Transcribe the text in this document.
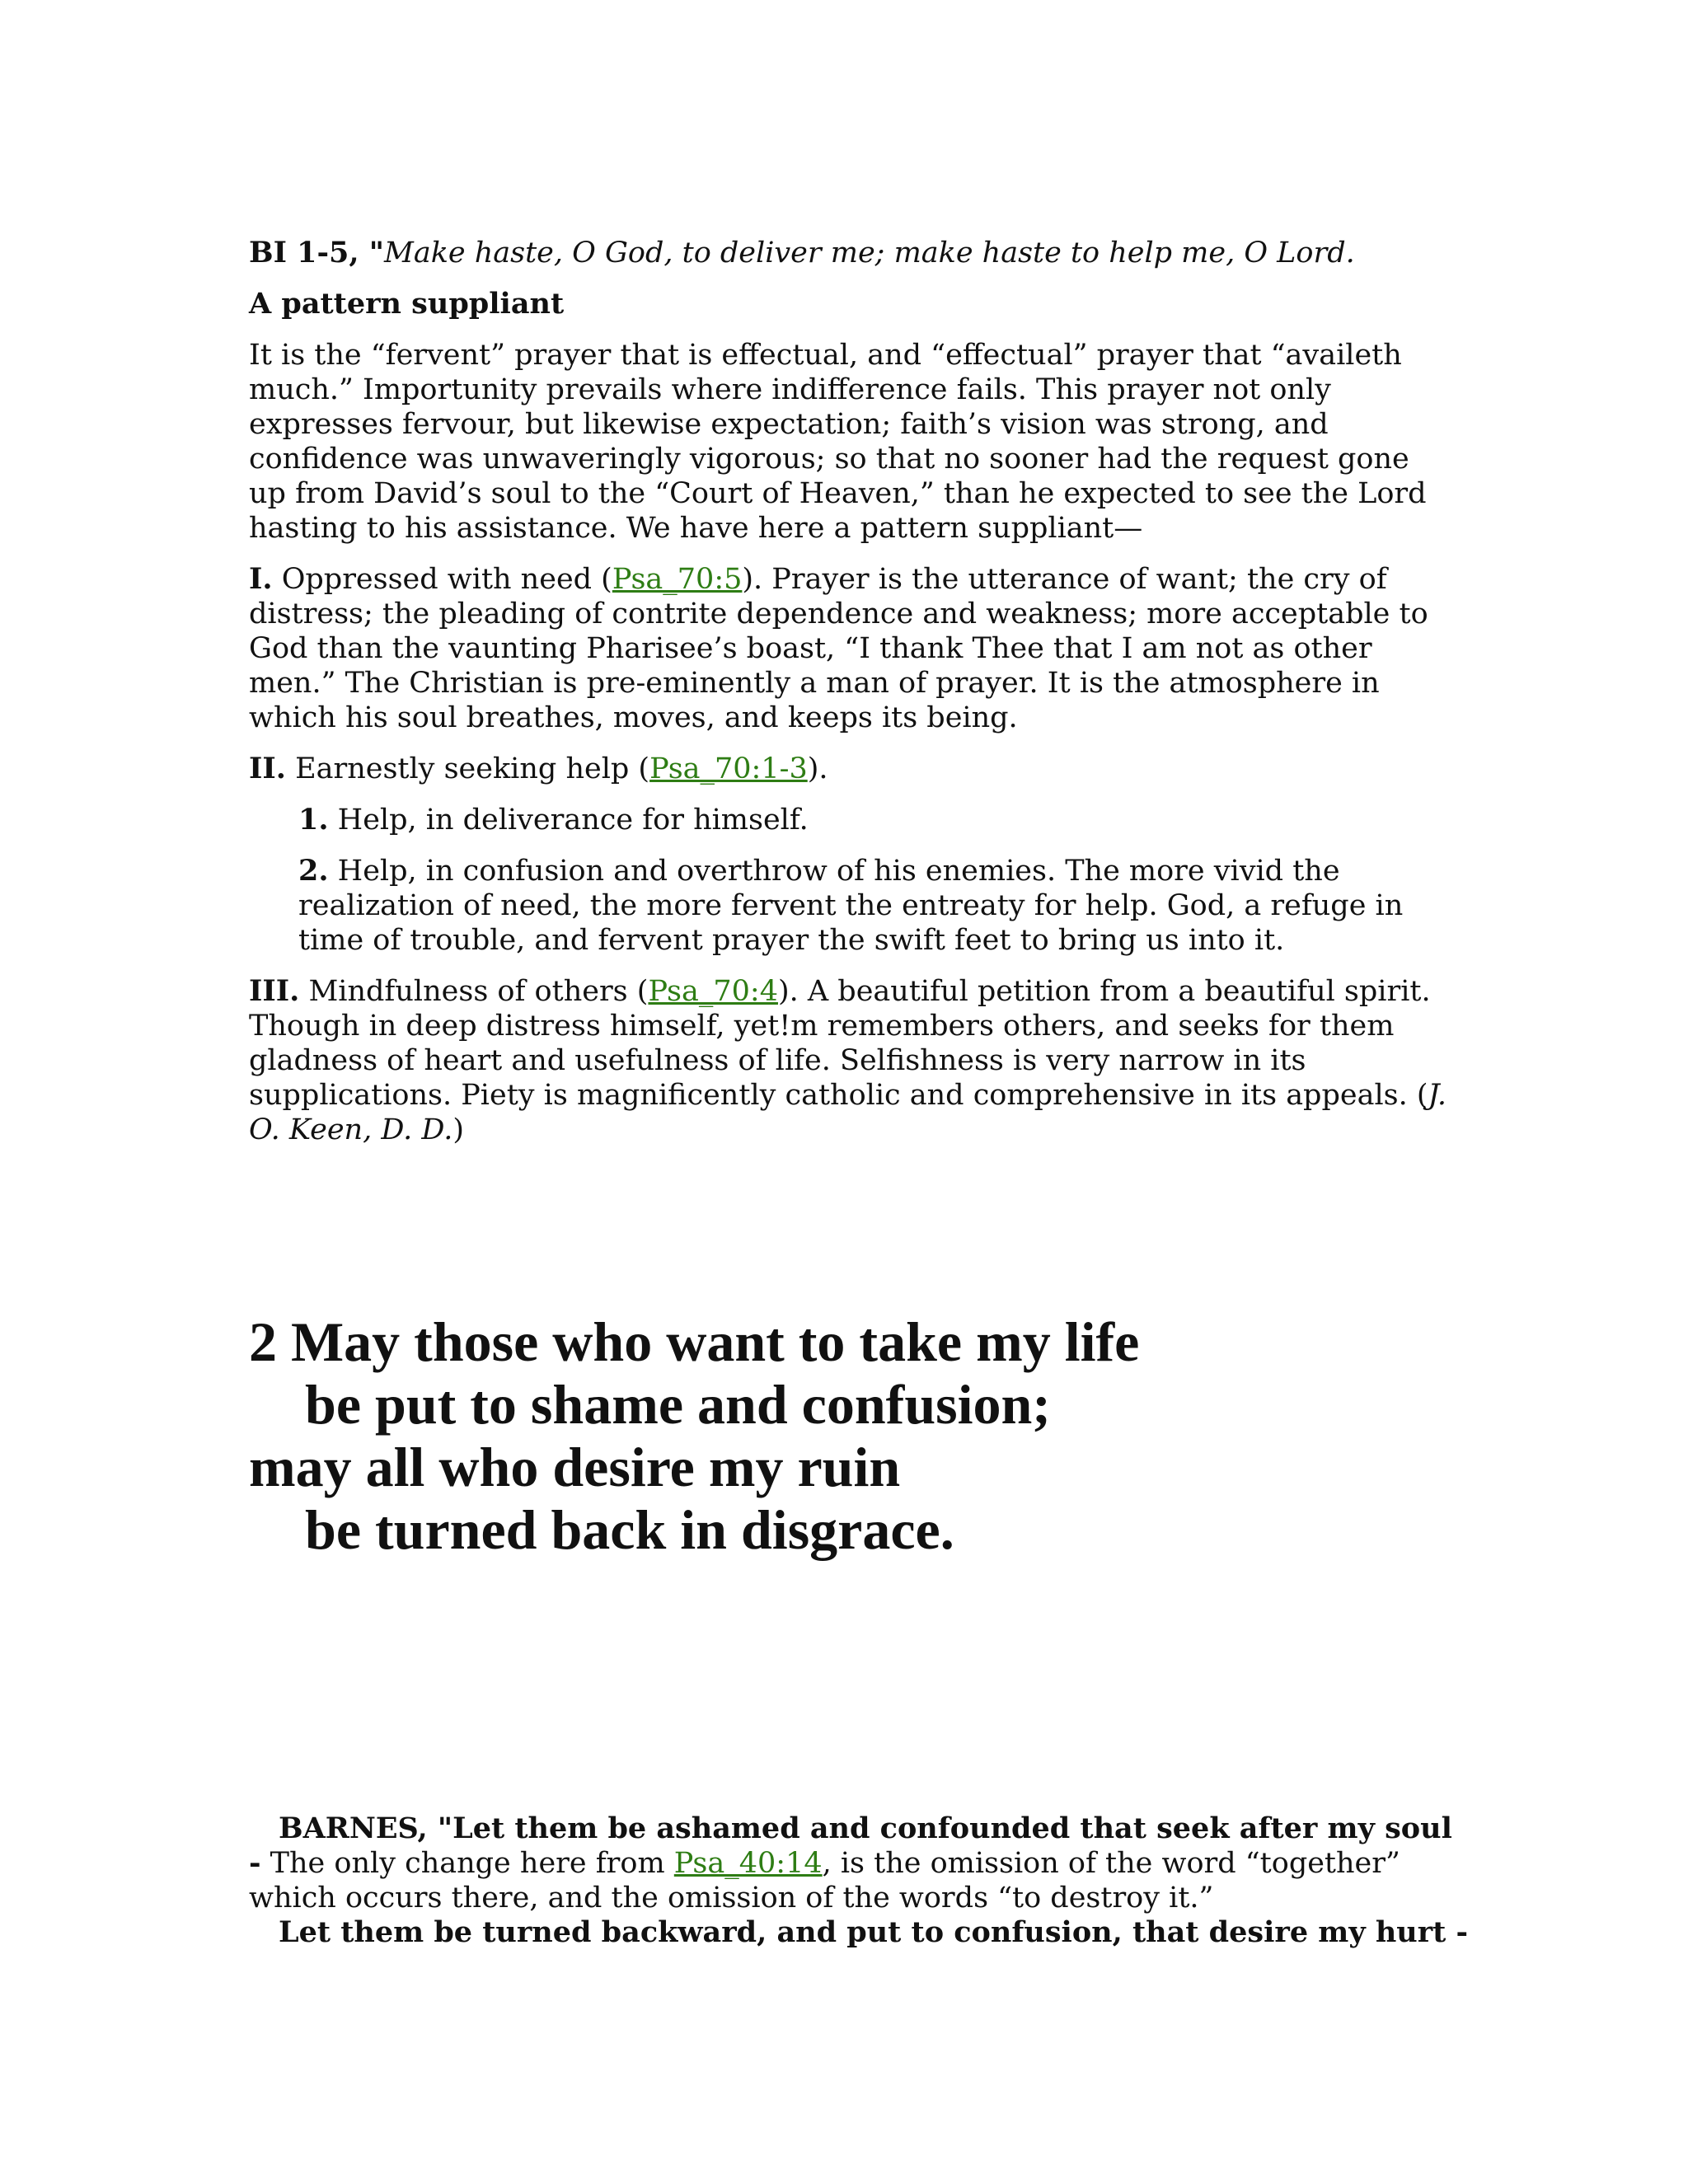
BI 1-5, "Make haste, O God, to deliver me; make haste to help me, O Lord.

A pattern suppliant

It is the “fervent” prayer that is effectual, and “effectual” prayer that “availeth much.” Importunity prevails where indifference fails. This prayer not only expresses fervour, but likewise expectation; faith’s vision was strong, and confidence was unwaveringly vigorous; so that no sooner had the request gone up from David’s soul to the “Court of Heaven,” than he expected to see the Lord hasting to his assistance. We have here a pattern suppliant—

I. Oppressed with need (Psa_70:5). Prayer is the utterance of want; the cry of distress; the pleading of contrite dependence and weakness; more acceptable to God than the vaunting Pharisee’s boast, “I thank Thee that I am not as other men.” The Christian is pre-eminently a man of prayer. It is the atmosphere in which his soul breathes, moves, and keeps its being.

II. Earnestly seeking help (Psa_70:1-3).

1. Help, in deliverance for himself.

2. Help, in confusion and overthrow of his enemies. The more vivid the realization of need, the more fervent the entreaty for help. God, a refuge in time of trouble, and fervent prayer the swift feet to bring us into it.

III. Mindfulness of others (Psa_70:4). A beautiful petition from a beautiful spirit. Though in deep distress himself, yet!m remembers others, and seeks for them gladness of heart and usefulness of life. Selfishness is very narrow in its supplications. Piety is magnificently catholic and comprehensive in its appeals. (J. O. Keen, D. D.)

2 May those who want to take my life
be put to shame and confusion;
may all who desire my ruin
be turned back in disgrace.

BARNES, "Let them be ashamed and confounded that seek after my soul - The only change here from Psa_40:14, is the omission of the word “together” which occurs there, and the omission of the words “to destroy it.”

Let them be turned backward, and put to confusion, that desire my hurt -
